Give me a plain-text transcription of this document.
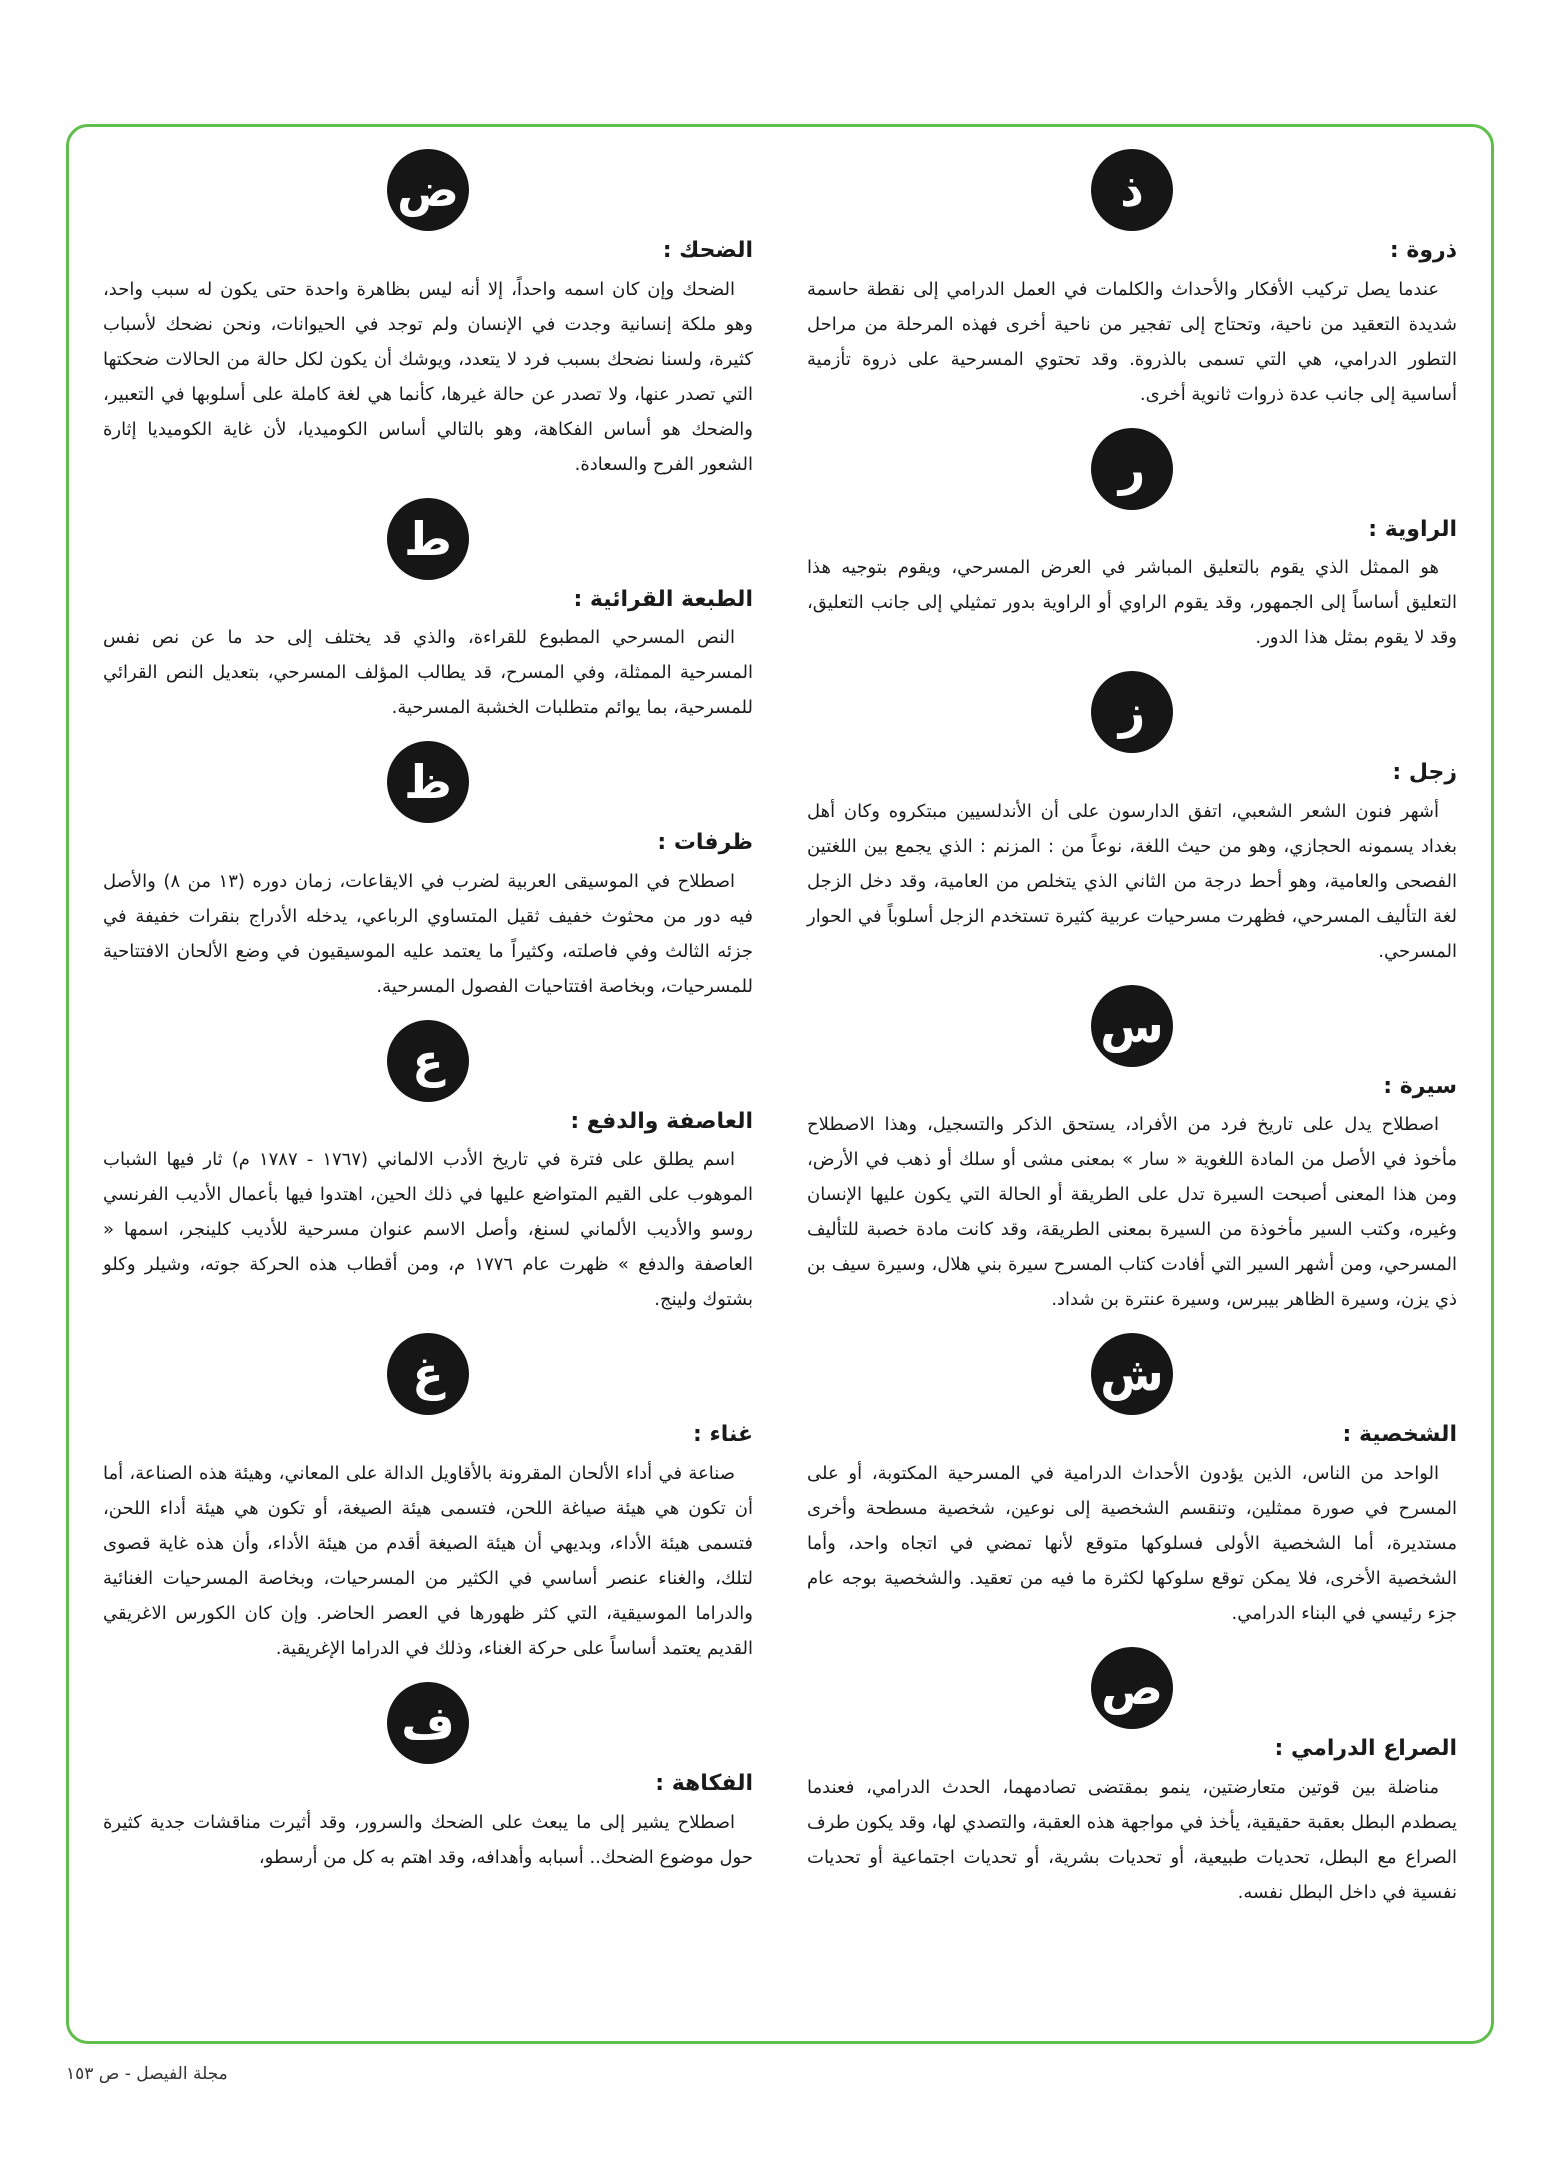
ذ
ذروة :

عندما يصل تركيب الأفكار والأحداث والكلمات في العمل الدرامي إلى نقطة حاسمة شديدة التعقيد من ناحية، وتحتاج إلى تفجير من ناحية أخرى فهذه المرحلة من مراحل التطور الدرامي، هي التي تسمى بالذروة. وقد تحتوي المسرحية على ذروة تأزمية أساسية إلى جانب عدة ذروات ثانوية أخرى.

ر
الراوية :

هو الممثل الذي يقوم بالتعليق المباشر في العرض المسرحي، ويقوم بتوجيه هذا التعليق أساساً إلى الجمهور، وقد يقوم الراوي أو الراوية بدور تمثيلي إلى جانب التعليق، وقد لا يقوم بمثل هذا الدور.

ز
زجل :

أشهر فنون الشعر الشعبي، اتفق الدارسون على أن الأندلسيين مبتكروه وكان أهل بغداد يسمونه الحجازي، وهو من حيث اللغة، نوعاً من : المزنم : الذي يجمع بين اللغتين الفصحى والعامية، وهو أحط درجة من الثاني الذي يتخلص من العامية، وقد دخل الزجل لغة التأليف المسرحي، فظهرت مسرحيات عربية كثيرة تستخدم الزجل أسلوباً في الحوار المسرحي.

س
سيرة :

اصطلاح يدل على تاريخ فرد من الأفراد، يستحق الذكر والتسجيل، وهذا الاصطلاح مأخوذ في الأصل من المادة اللغوية « سار » بمعنى مشى أو سلك أو ذهب في الأرض، ومن هذا المعنى أصبحت السيرة تدل على الطريقة أو الحالة التي يكون عليها الإنسان وغيره، وكتب السير مأخوذة من السيرة بمعنى الطريقة، وقد كانت مادة خصبة للتأليف المسرحي، ومن أشهر السير التي أفادت كتاب المسرح سيرة بني هلال، وسيرة سيف بن ذي يزن، وسيرة الظاهر بيبرس، وسيرة عنترة بن شداد.

ش
الشخصية :

الواحد من الناس، الذين يؤدون الأحداث الدرامية في المسرحية المكتوبة، أو على المسرح في صورة ممثلين، وتنقسم الشخصية إلى نوعين، شخصية مسطحة وأخرى مستديرة، أما الشخصية الأولى فسلوكها متوقع لأنها تمضي في اتجاه واحد، وأما الشخصية الأخرى، فلا يمكن توقع سلوكها لكثرة ما فيه من تعقيد. والشخصية بوجه عام جزء رئيسي في البناء الدرامي.

ص
الصراع الدرامي :

مناضلة بين قوتين متعارضتين، ينمو بمقتضى تصادمهما، الحدث الدرامي، فعندما يصطدم البطل بعقبة حقيقية، يأخذ في مواجهة هذه العقبة، والتصدي لها، وقد يكون طرف الصراع مع البطل، تحديات طبيعية، أو تحديات بشرية، أو تحديات اجتماعية أو تحديات نفسية في داخل البطل نفسه.

ض
الضحك :

الضحك وإن كان اسمه واحداً، إلا أنه ليس بظاهرة واحدة حتى يكون له سبب واحد، وهو ملكة إنسانية وجدت في الإنسان ولم توجد في الحيوانات، ونحن نضحك لأسباب كثيرة، ولسنا نضحك بسبب فرد لا يتعدد، ويوشك أن يكون لكل حالة من الحالات ضحكتها التي تصدر عنها، ولا تصدر عن حالة غيرها، كأنما هي لغة كاملة على أسلوبها في التعبير، والضحك هو أساس الفكاهة، وهو بالتالي أساس الكوميديا، لأن غاية الكوميديا إثارة الشعور الفرح والسعادة.

ط
الطبعة القرائية :

النص المسرحي المطبوع للقراءة، والذي قد يختلف إلى حد ما عن نص نفس المسرحية الممثلة، وفي المسرح، قد يطالب المؤلف المسرحي، بتعديل النص القرائي للمسرحية، بما يوائم متطلبات الخشبة المسرحية.

ظ
ظرفات :

اصطلاح في الموسيقى العربية لضرب في الايقاعات، زمان دوره (١٣ من ٨) والأصل فيه دور من محثوث خفيف ثقيل المتساوي الرباعي، يدخله الأدراج بنقرات خفيفة في جزئه الثالث وفي فاصلته، وكثيراً ما يعتمد عليه الموسيقيون في وضع الألحان الافتتاحية للمسرحيات، وبخاصة افتتاحيات الفصول المسرحية.

ع
العاصفة والدفع :

اسم يطلق على فترة في تاريخ الأدب الالماني (١٧٦٧ - ١٧٨٧ م) ثار فيها الشباب الموهوب على القيم المتواضع عليها في ذلك الحين، اهتدوا فيها بأعمال الأديب الفرنسي روسو والأديب الألماني لسنغ، وأصل الاسم عنوان مسرحية للأديب كلينجر، اسمها « العاصفة والدفع » ظهرت عام ١٧٧٦ م، ومن أقطاب هذه الحركة جوته، وشيلر وكلو بشتوك ولينج.

غ
غناء :

صناعة في أداء الألحان المقرونة بالأقاويل الدالة على المعاني، وهيئة هذه الصناعة، أما أن تكون هي هيئة صياغة اللحن، فتسمى هيئة الصيغة، أو تكون هي هيئة أداء اللحن، فتسمى هيئة الأداء، وبديهي أن هيئة الصيغة أقدم من هيئة الأداء، وأن هذه غاية قصوى لتلك، والغناء عنصر أساسي في الكثير من المسرحيات، وبخاصة المسرحيات الغنائية والدراما الموسيقية، التي كثر ظهورها في العصر الحاضر. وإن كان الكورس الاغريقي القديم يعتمد أساساً على حركة الغناء، وذلك في الدراما الإغريقية.

ف
الفكاهة :

اصطلاح يشير إلى ما يبعث على الضحك والسرور، وقد أثيرت مناقشات جدية كثيرة حول موضوع الضحك.. أسبابه وأهدافه، وقد اهتم به كل من أرسطو،

مجلة الفيصل - ص ١٥٣
